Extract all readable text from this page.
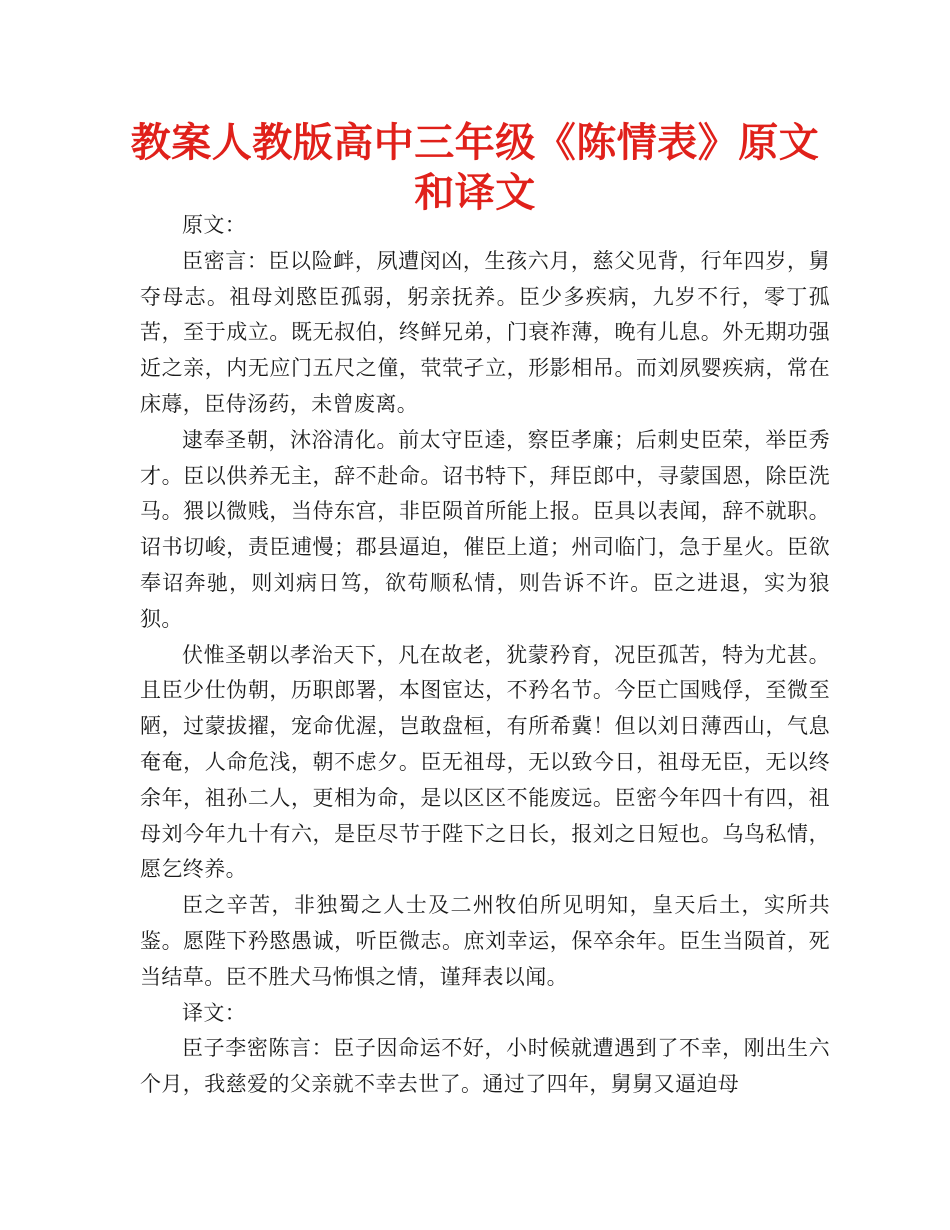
教案人教版高中三年级《陈情表》原文和译文

原文：

臣密言：臣以险衅，夙遭闵凶，生孩六月，慈父见背，行年四岁，舅夺母志。祖母刘愍臣孤弱，躬亲抚养。臣少多疾病，九岁不行，零丁孤苦，至于成立。既无叔伯，终鲜兄弟，门衰祚薄，晚有儿息。外无期功强近之亲，内无应门五尺之僮，茕茕孑立，形影相吊。而刘夙婴疾病，常在床蓐，臣侍汤药，未曾废离。

逮奉圣朝，沐浴清化。前太守臣逵，察臣孝廉；后刺史臣荣，举臣秀才。臣以供养无主，辞不赴命。诏书特下，拜臣郎中，寻蒙国恩，除臣洗马。猥以微贱，当侍东宫，非臣陨首所能上报。臣具以表闻，辞不就职。诏书切峻，责臣逋慢；郡县逼迫，催臣上道；州司临门，急于星火。臣欲奉诏奔驰，则刘病日笃，欲苟顺私情，则告诉不许。臣之进退，实为狼狈。

伏惟圣朝以孝治天下，凡在故老，犹蒙矜育，况臣孤苦，特为尤甚。且臣少仕伪朝，历职郎署，本图宦达，不矜名节。今臣亡国贱俘，至微至陋，过蒙拔擢，宠命优渥，岂敢盘桓，有所希冀！但以刘日薄西山，气息奄奄，人命危浅，朝不虑夕。臣无祖母，无以致今日，祖母无臣，无以终余年，祖孙二人，更相为命，是以区区不能废远。臣密今年四十有四，祖母刘今年九十有六，是臣尽节于陛下之日长，报刘之日短也。乌鸟私情，愿乞终养。

臣之辛苦，非独蜀之人士及二州牧伯所见明知，皇天后土，实所共鉴。愿陛下矜愍愚诚，听臣微志。庶刘幸运，保卒余年。臣生当陨首，死当结草。臣不胜犬马怖惧之情，谨拜表以闻。

译文：

臣子李密陈言：臣子因命运不好，小时候就遭遇到了不幸，刚出生六个月，我慈爱的父亲就不幸去世了。通过了四年，舅舅又逼迫母
